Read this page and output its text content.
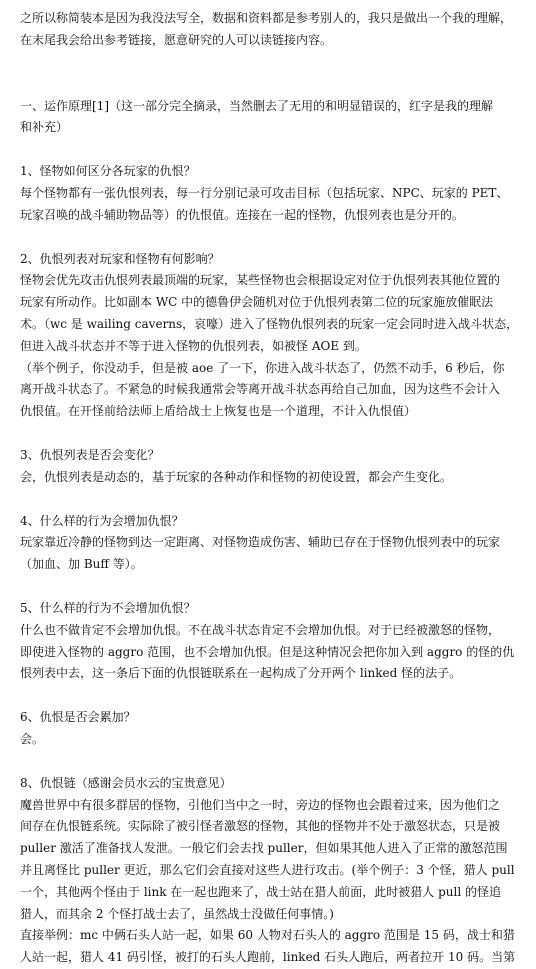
之所以称简装本是因为我没法写全，数据和资料都是参考别人的，我只是做出一个我的理解，

在末尾我会给出参考链接，愿意研究的人可以读链接内容。

一、运作原理[1]（这一部分完全摘录，当然删去了无用的和明显错误的，红字是我的理解

和补充）

1、怪物如何区分各玩家的仇恨？

每个怪物都有一张仇恨列表，每一行分别记录可攻击目标（包括玩家、NPC、玩家的 PET、

玩家召唤的战斗辅助物品等）的仇恨值。连接在一起的怪物，仇恨列表也是分开的。

2、仇恨列表对玩家和怪物有何影响？

怪物会优先攻击仇恨列表最顶端的玩家，某些怪物也会根据设定对位于仇恨列表其他位置的

玩家有所动作。比如副本 WC 中的德鲁伊会随机对位于仇恨列表第二位的玩家施放催眠法

术。（wc 是 wailing caverns，哀嚎）进入了怪物仇恨列表的玩家一定会同时进入战斗状态，

但进入战斗状态并不等于进入怪物的仇恨列表，如被怪 AOE 到。

（举个例子，你没动手，但是被 aoe 了一下，你进入战斗状态了，仍然不动手，6 秒后，你

离开战斗状态了。不紧急的时候我通常会等离开战斗状态再给自己加血，因为这些不会计入

仇恨值。在开怪前给法师上盾给战士上恢复也是一个道理，不计入仇恨值）

3、仇恨列表是否会变化？

会，仇恨列表是动态的，基于玩家的各种动作和怪物的初使设置，都会产生变化。

4、什么样的行为会增加仇恨？

玩家靠近冷静的怪物到达一定距离、对怪物造成伤害、辅助已存在于怪物仇恨列表中的玩家

（加血、加 Buff 等）。

5、什么样的行为不会增加仇恨？

什么也不做肯定不会增加仇恨。不在战斗状态肯定不会增加仇恨。对于已经被激怒的怪物，

即使进入怪物的 aggro 范围，也不会增加仇恨。但是这种情况会把你加入到 aggro 的怪的仇

恨列表中去，这一条后下面的仇恨链联系在一起构成了分开两个 linked 怪的法子。

6、仇恨是否会累加？

会。

8、仇恨链（感谢会员水云的宝贵意见）

魔兽世界中有很多群居的怪物，引他们当中之一时，旁边的怪物也会跟着过来，因为他们之

间存在仇恨链系统。实际除了被引怪者激怒的怪物，其他的怪物并不处于激怒状态，只是被

puller 激活了准备找人发泄。一般它们会去找 puller，但如果其他人进入了正常的激怒范围

并且离怪比 puller 更近，那么它们会直接对这些人进行攻击。(举个例子：3 个怪，猎人 pull

一个，其他两个怪由于 link 在一起也跑来了，战士站在猎人前面，此时被猎人 pull 的怪追

猎人，而其余 2 个怪打战士去了，虽然战士没做任何事情。)

直接举例：mc 中俩石头人站一起，如果 60 人物对石头人的 aggro 范围是 15 码，战士和猎

人站一起，猎人 41 码引怪，被打的石头人跑前，linked 石头人跑后，两者拉开 10 码。当第
